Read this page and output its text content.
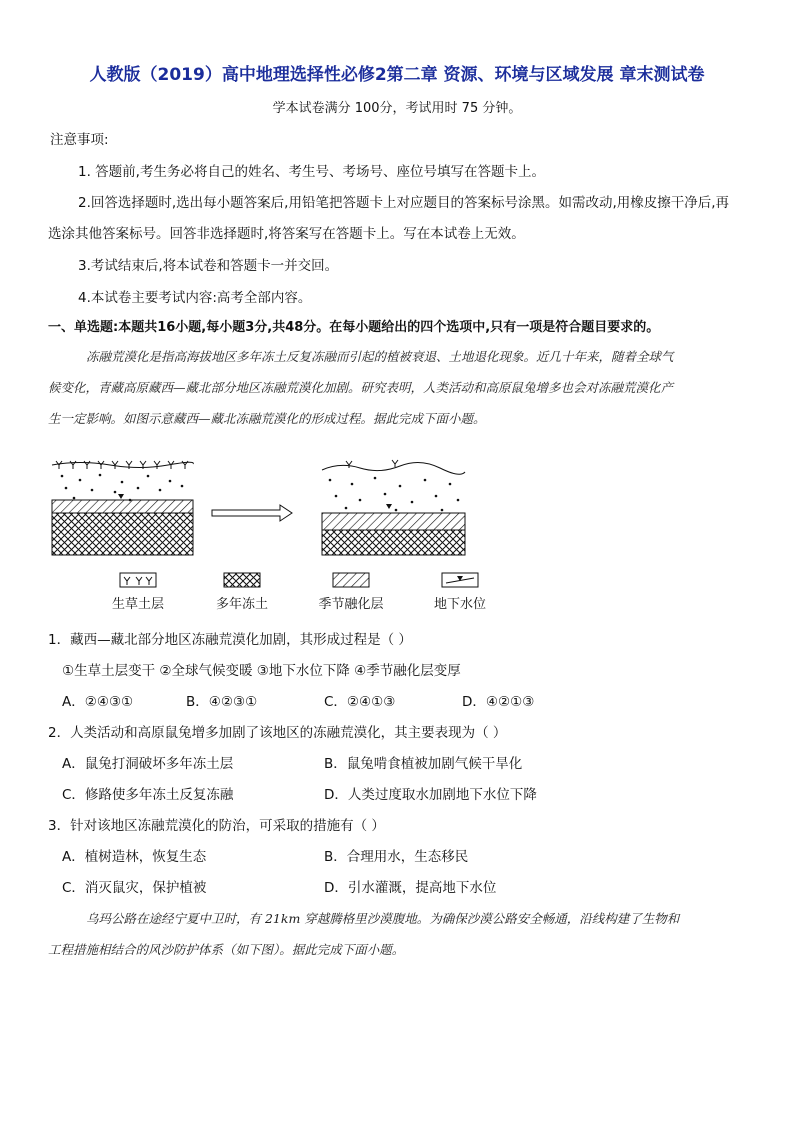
人教版（2019）高中地理选择性必修2第二章 资源、环境与区域发展 章末测试卷
学本试卷满分 100分，考试用时 75 分钟。
注意事项:
1. 答题前,考生务必将自己的姓名、考生号、考场号、座位号填写在答题卡上。
2.回答选择题时,选出每小题答案后,用铅笔把答题卡上对应题目的答案标号涂黑。如需改动,用橡皮擦干净后,再
选涂其他答案标号。回答非选择题时,将答案写在答题卡上。写在本试卷上无效。
3.考试结束后,将本试卷和答题卡一并交回。
4.本试卷主要考试内容:高考全部内容。
一、单选题:本题共16小题,每小题3分,共48分。在每小题给出的四个选项中,只有一项是符合题目要求的。
冻融荒漠化是指高海拔地区多年冻土反复冻融而引起的植被衰退、土地退化现象。近几十年来，随着全球气
候变化，青藏高原藏西—藏北部分地区冻融荒漠化加剧。研究表明，人类活动和高原鼠兔增多也会对冻融荒漠化产
生一定影响。如图示意藏西—藏北冻融荒漠化的形成过程。据此完成下面小题。
生草土层	多年冻土	季节融化层	地下水位
1．藏西—藏北部分地区冻融荒漠化加剧，其形成过程是（ ）
①生草土层变干 ②全球气候变暖 ③地下水位下降 ④季节融化层变厚
A．②④③①	B．④②③①	C．②④①③	D．④②①③
2．人类活动和高原鼠兔增多加剧了该地区的冻融荒漠化，其主要表现为（ ）
A．鼠兔打洞破坏多年冻土层	B．鼠兔啃食植被加剧气候干旱化
C．修路使多年冻土反复冻融	D．人类过度取水加剧地下水位下降
3．针对该地区冻融荒漠化的防治，可采取的措施有（ ）
A．植树造林，恢复生态	B．合理用水，生态移民
C．消灭鼠灾，保护植被	D．引水灌溉，提高地下水位
乌玛公路在途经宁夏中卫时，有 21km 穿越腾格里沙漠腹地。为确保沙漠公路安全畅通，沿线构建了生物和
工程措施相结合的风沙防护体系（如下图）。据此完成下面小题。
